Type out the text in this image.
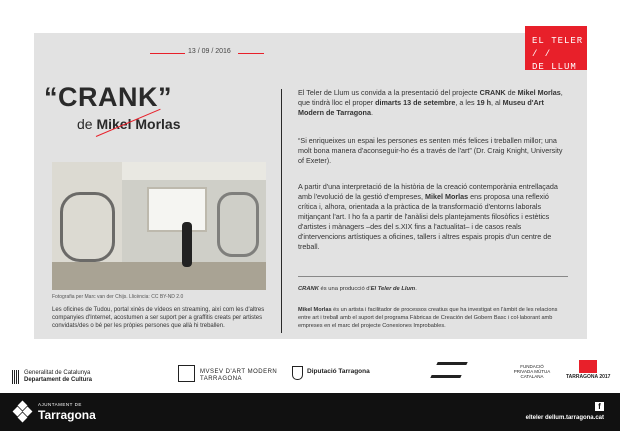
EL TELER
/ /
DE LLUM
13 / 09 / 2016
“CRANK”
de Mikel Morlas
Fotografia per Marc van der Chijs. Llicència: CC BY-ND 2.0
Les oficines de Tudou, portal xinès de vídeos en streaming, així com les d'altres companyies d'Internet, acostumen a ser suport per a graffitis creats per artistes convidats/des o bé per les pròpies persones que allà hi treballen.
El Teler de Llum us convida a la presentació del projecte CRANK de Mikel Morlas, que tindrà lloc el proper dimarts 13 de setembre, a les 19 h, al Museu d'Art Modern de Tarragona.
“Si enriqueixes un espai les persones es senten més felices i treballen millor; una molt bona manera d'aconseguir-ho és a través de l'art” (Dr. Craig Knight, University of Exeter).
A partir d'una interpretació de la història de la creació contemporània entrellaçada amb l'evolució de la gestió d'empreses, Mikel Morlas ens proposa una reflexió crítica i, alhora, orientada a la pràctica de la transformació d'entorns laborals mitjançant l'art. I ho fa a partir de l'anàlisi dels plantejaments filosòfics i estètics d'artistes i mànagers –des del s.XIX fins a l'actualitat– i de casos reals d'intervencions artístiques a oficines, tallers i altres espais propis d'un centre de treball.
CRANK és una producció d'El Teler de Llum.
Mikel Morlas és un artista i facilitador de processos creatius que ha investigat en l'àmbit de les relacions entre art i treball amb el suport del programa Fàbricas de Creación del Gobern Basc i col·laborant amb empreses en el marc del projecte Conexiones Improbables.
Generalitat de Catalunya
Departament de Cultura
MVSEV D'ART MODERN
TARRAGONA
Diputació Tarragona
FUNDACIÓ PRIVADA MÚTUA CATALANA	TARRAGONA 2017
AJUNTAMENT DE
Tarragona
f
elteler dellum.tarragona.cat
